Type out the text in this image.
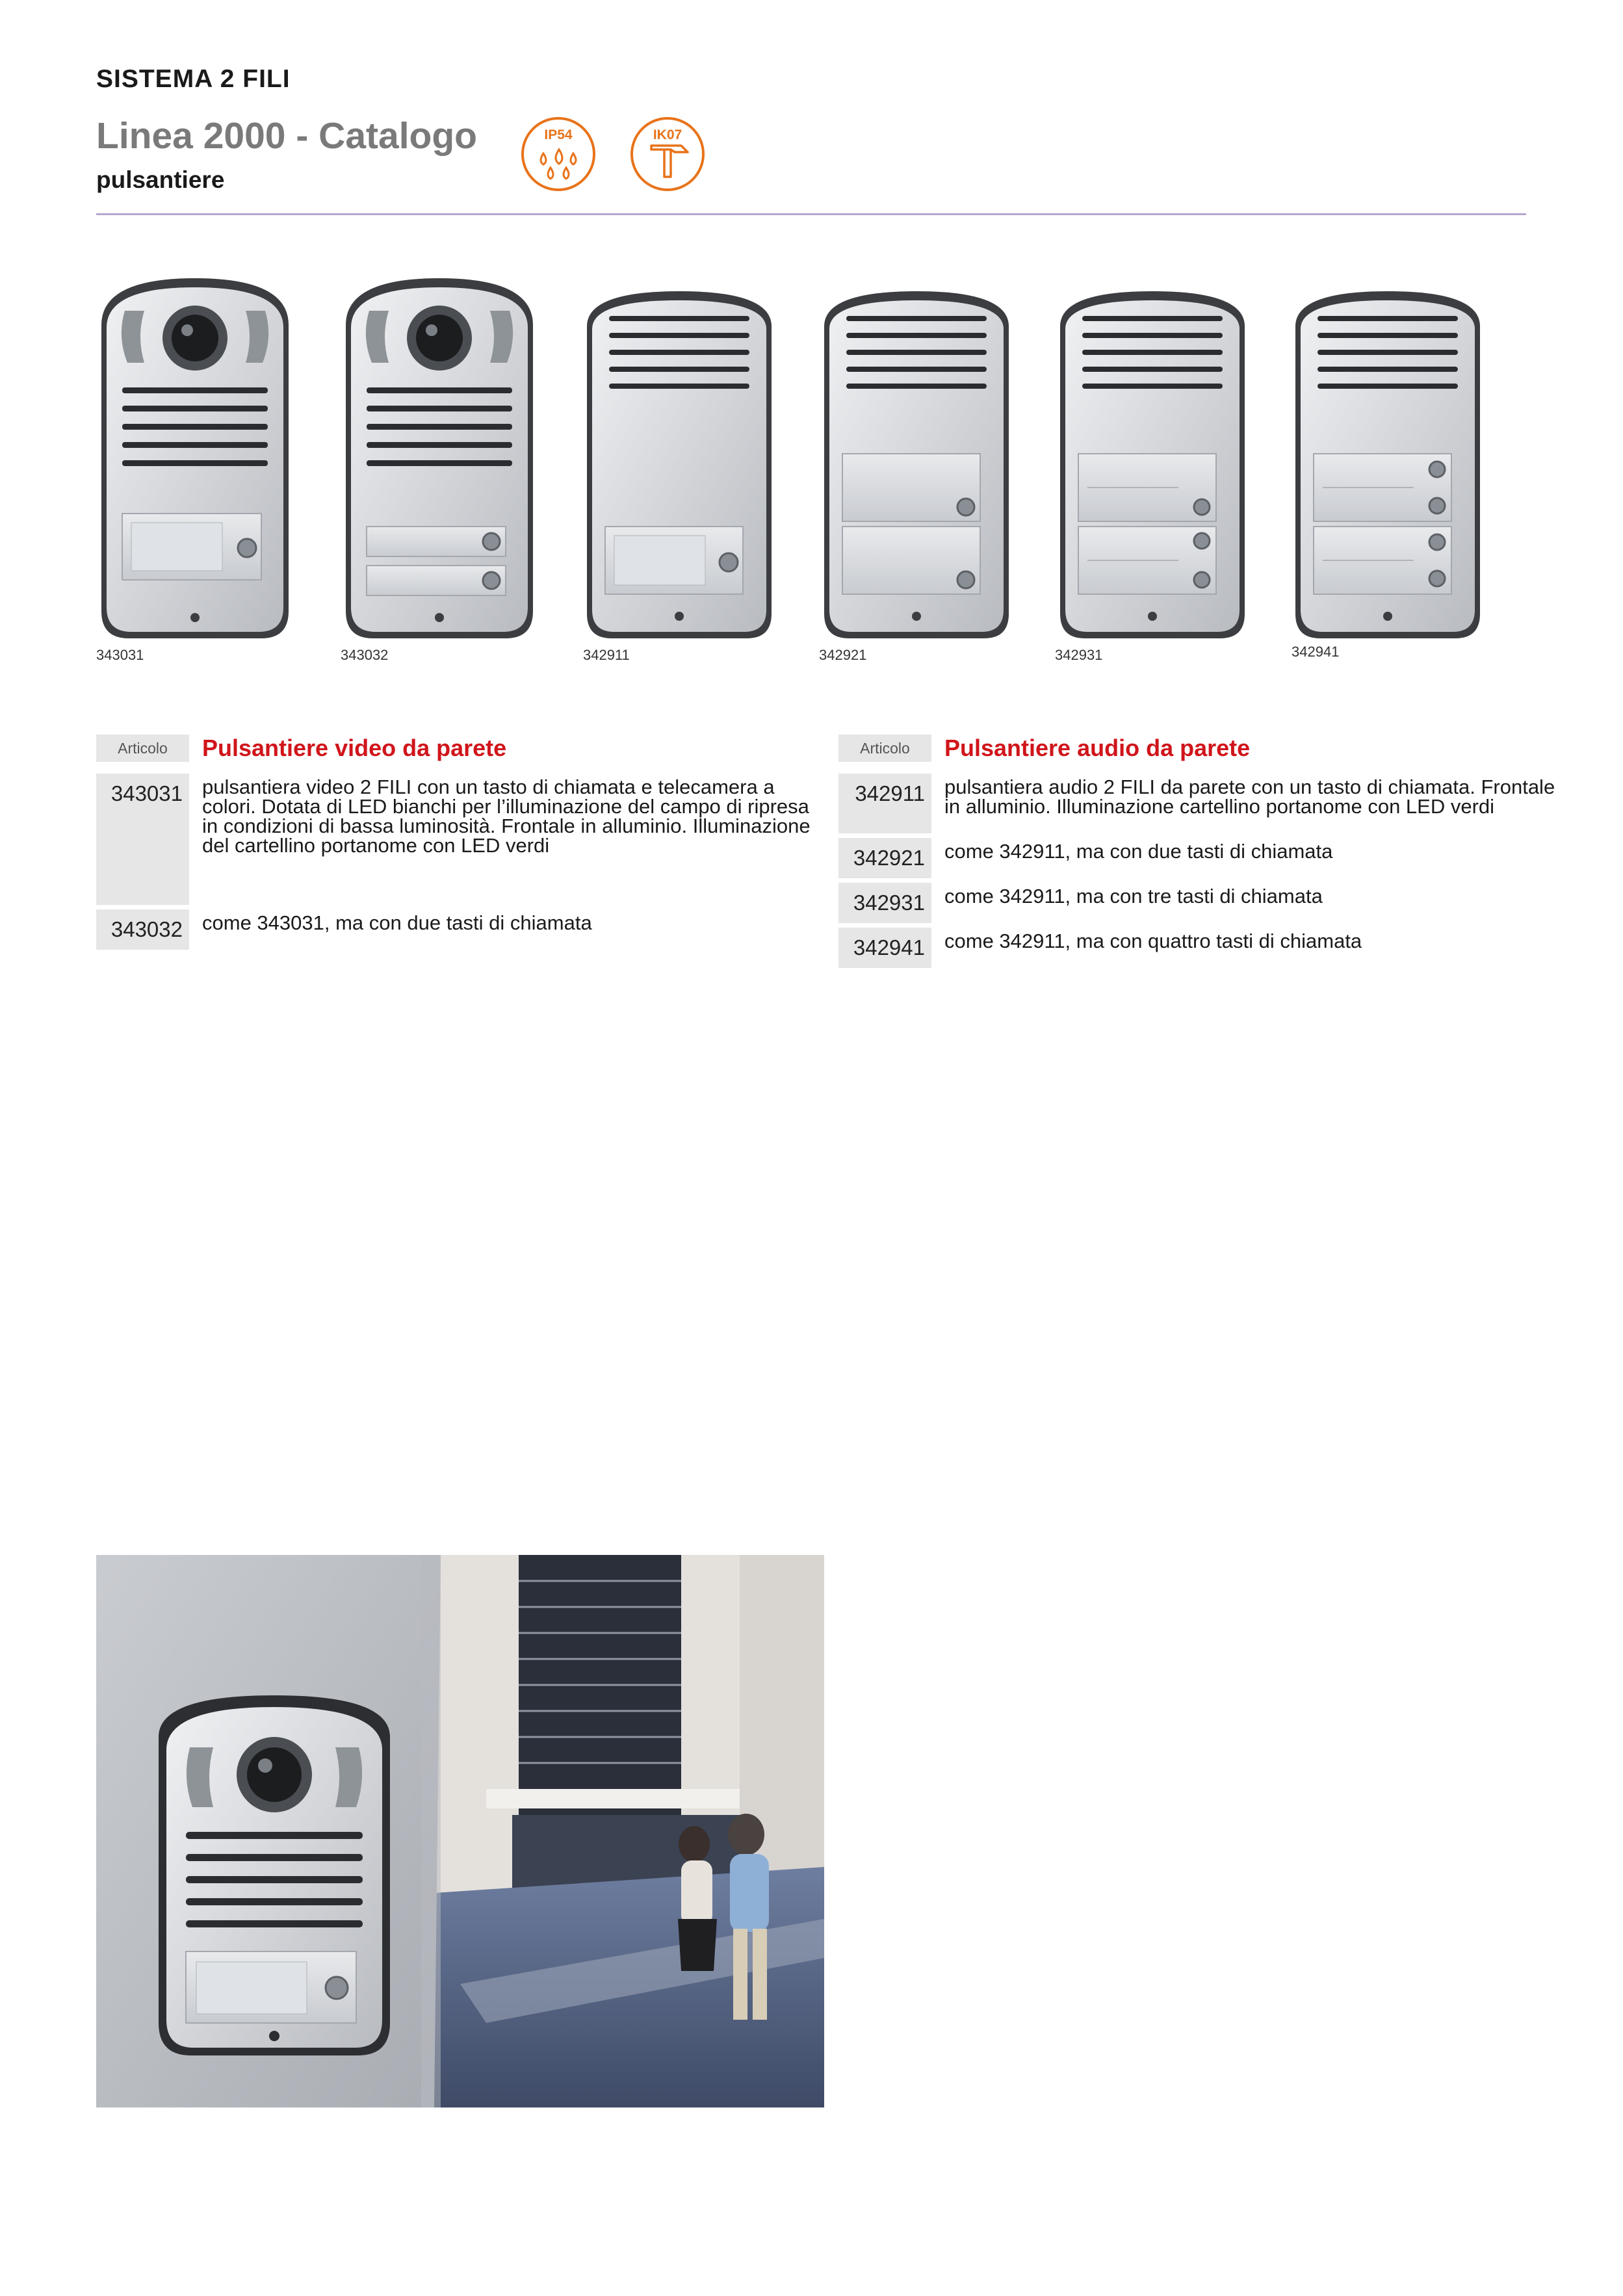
SISTEMA 2 FILI
Linea 2000 - Catalogo
pulsantiere
IP54	IK07
343031	343032	342911	342921	342931	342941
Articolo	Pulsantiere video da parete
343031 pulsantiera video 2 FILI con un tasto di chiamata e telecamera a colori. Dotata di LED bianchi per l’illuminazione del campo di ripresa in condizioni di bassa luminosità. Frontale in alluminio. Illuminazione del cartellino portanome con LED verdi
343032 come 343031, ma con due tasti di chiamata
Articolo	Pulsantiere audio da parete
342911 pulsantiera audio 2 FILI da parete con un tasto di chiamata. Frontale in alluminio. Illuminazione cartellino portanome con LED verdi
342921 come 342911, ma con due tasti di chiamata
342931 come 342911, ma con tre tasti di chiamata
342941 come 342911, ma con quattro tasti di chiamata
